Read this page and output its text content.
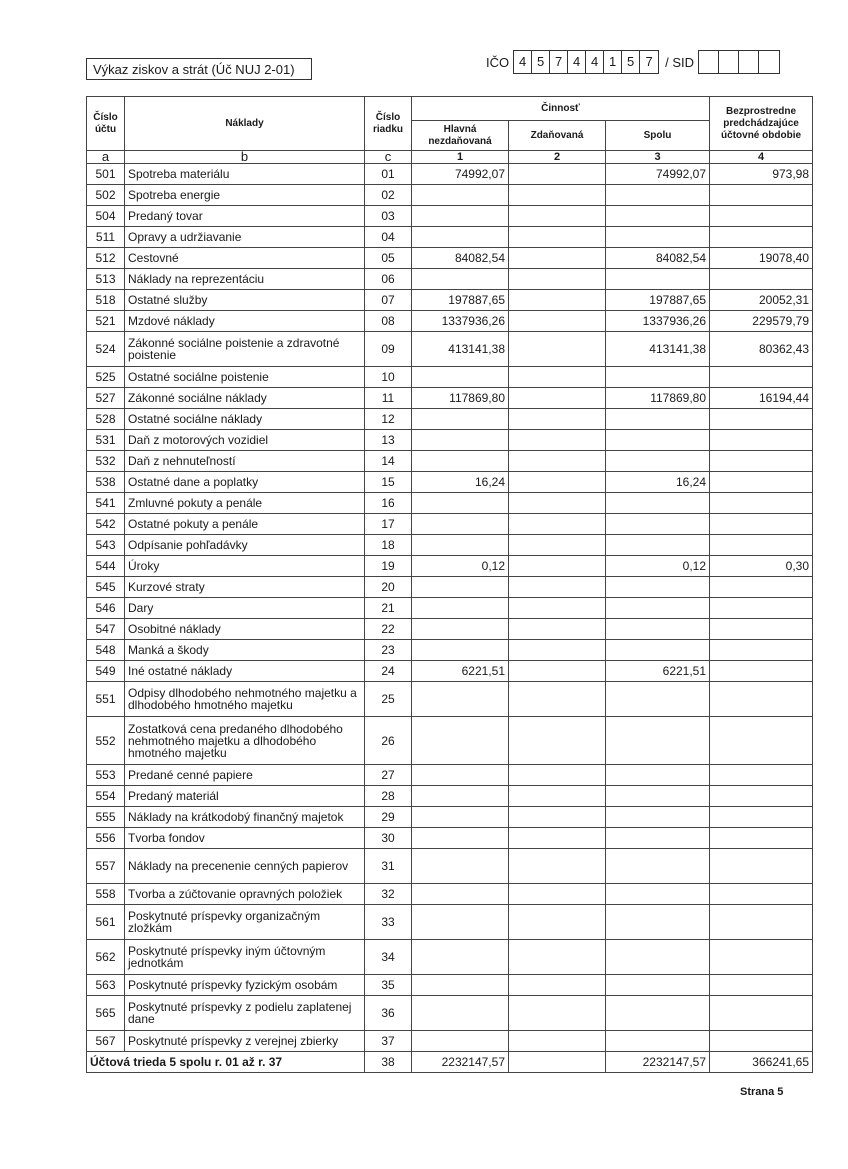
Výkaz ziskov a strát (Úč NUJ 2-01)	IČO 4 5 7 4 4 1 5 7 / SID
Číslo účtu	Náklady	Číslo riadku	Činnosť			Bezprostredne predchádzajúce účtovné obdobie
			Hlavná nezdaňovaná	Zdaňovaná	Spolu	
a	b	c	1	2	3	4
501	Spotreba materiálu	01	74992,07		74992,07	973,98
502	Spotreba energie	02				
504	Predaný tovar	03				
511	Opravy a udržiavanie	04				
512	Cestovné	05	84082,54		84082,54	19078,40
513	Náklady na reprezentáciu	06				
518	Ostatné služby	07	197887,65		197887,65	20052,31
521	Mzdové náklady	08	1337936,26		1337936,26	229579,79
524	Zákonné sociálne poistenie a zdravotné poistenie	09	413141,38		413141,38	80362,43
525	Ostatné sociálne poistenie	10				
527	Zákonné sociálne náklady	11	117869,80		117869,80	16194,44
528	Ostatné sociálne náklady	12				
531	Daň z motorových vozidiel	13				
532	Daň z nehnuteľností	14				
538	Ostatné dane a poplatky	15	16,24		16,24	
541	Zmluvné pokuty a penále	16				
542	Ostatné pokuty a penále	17				
543	Odpísanie pohľadávky	18				
544	Úroky	19	0,12		0,12	0,30
545	Kurzové straty	20				
546	Dary	21				
547	Osobitné náklady	22				
548	Manká a škody	23				
549	Iné ostatné náklady	24	6221,51		6221,51	
551	Odpisy dlhodobého nehmotného majetku a dlhodobého hmotného majetku	25				
552	Zostatková cena predaného dlhodobého nehmotného majetku a dlhodobého hmotného majetku	26				
553	Predané cenné papiere	27				
554	Predaný materiál	28				
555	Náklady na krátkodobý finančný majetok	29				
556	Tvorba fondov	30				
557	Náklady na precenenie cenných papierov	31				
558	Tvorba a zúčtovanie opravných položiek	32				
561	Poskytnuté príspevky organizačným zložkám	33				
562	Poskytnuté príspevky iným účtovným jednotkám	34				
563	Poskytnuté príspevky fyzickým osobám	35				
565	Poskytnuté príspevky z podielu zaplatenej dane	36				
567	Poskytnuté príspevky z verejnej zbierky	37				

Účtová trieda 5 spolu r. 01 až r. 37		38	2232147,57		2232147,57	366241,65
Strana 5
